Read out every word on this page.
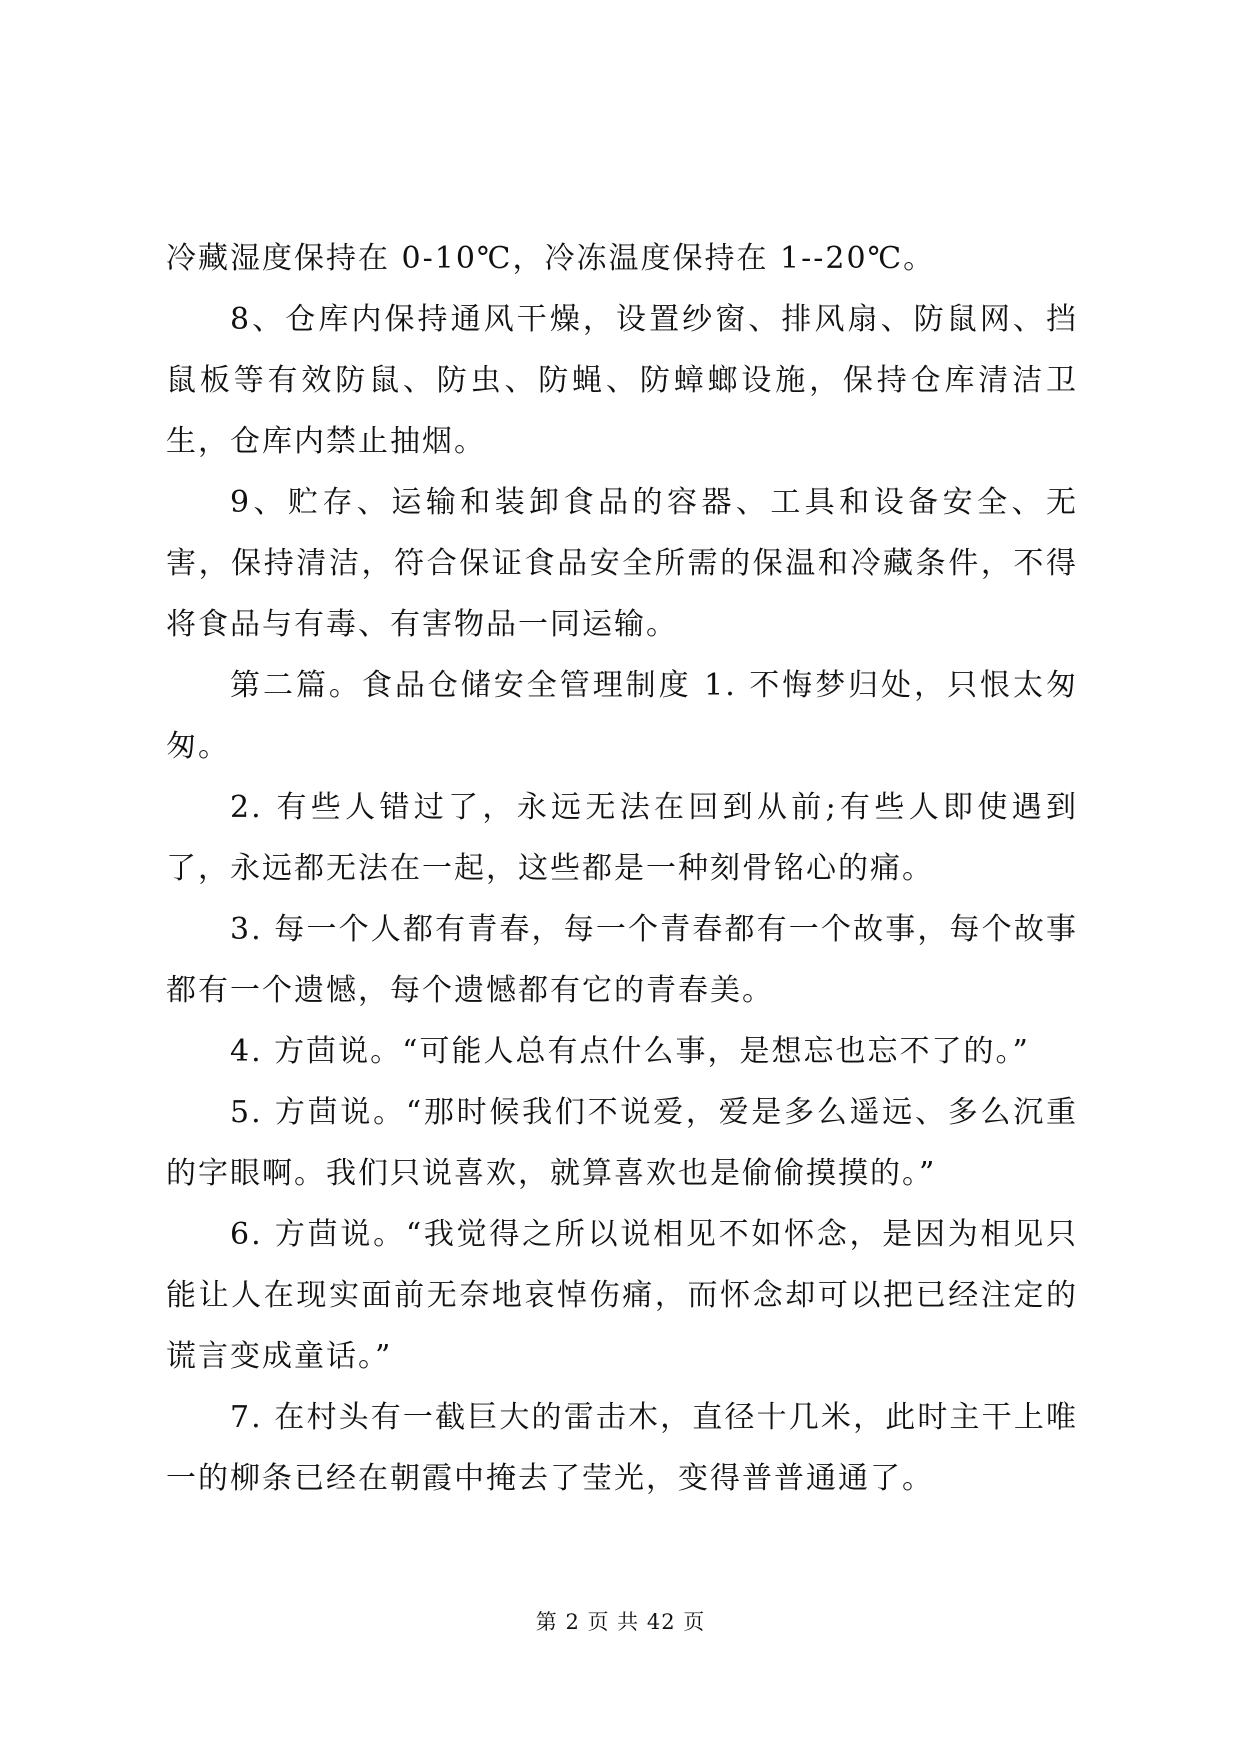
冷藏湿度保持在 0-10℃，冷冻温度保持在 1--20℃。

8、仓库内保持通风干燥，设置纱窗、排风扇、防鼠网、挡鼠板等有效防鼠、防虫、防蝇、防蟑螂设施，保持仓库清洁卫生，仓库内禁止抽烟。

9、贮存、运输和装卸食品的容器、工具和设备安全、无害，保持清洁，符合保证食品安全所需的保温和冷藏条件，不得将食品与有毒、有害物品一同运输。

第二篇。食品仓储安全管理制度 1. 不悔梦归处，只恨太匆匆。

2. 有些人错过了，永远无法在回到从前;有些人即使遇到了，永远都无法在一起，这些都是一种刻骨铭心的痛。

3. 每一个人都有青春，每一个青春都有一个故事，每个故事都有一个遗憾，每个遗憾都有它的青春美。

4. 方茴说。“可能人总有点什么事，是想忘也忘不了的。”

5. 方茴说。“那时候我们不说爱，爱是多么遥远、多么沉重的字眼啊。我们只说喜欢，就算喜欢也是偷偷摸摸的。”

6. 方茴说。“我觉得之所以说相见不如怀念，是因为相见只能让人在现实面前无奈地哀悼伤痛，而怀念却可以把已经注定的谎言变成童话。”

7. 在村头有一截巨大的雷击木，直径十几米，此时主干上唯一的柳条已经在朝霞中掩去了莹光，变得普普通通了。

第 2 页 共 42 页
